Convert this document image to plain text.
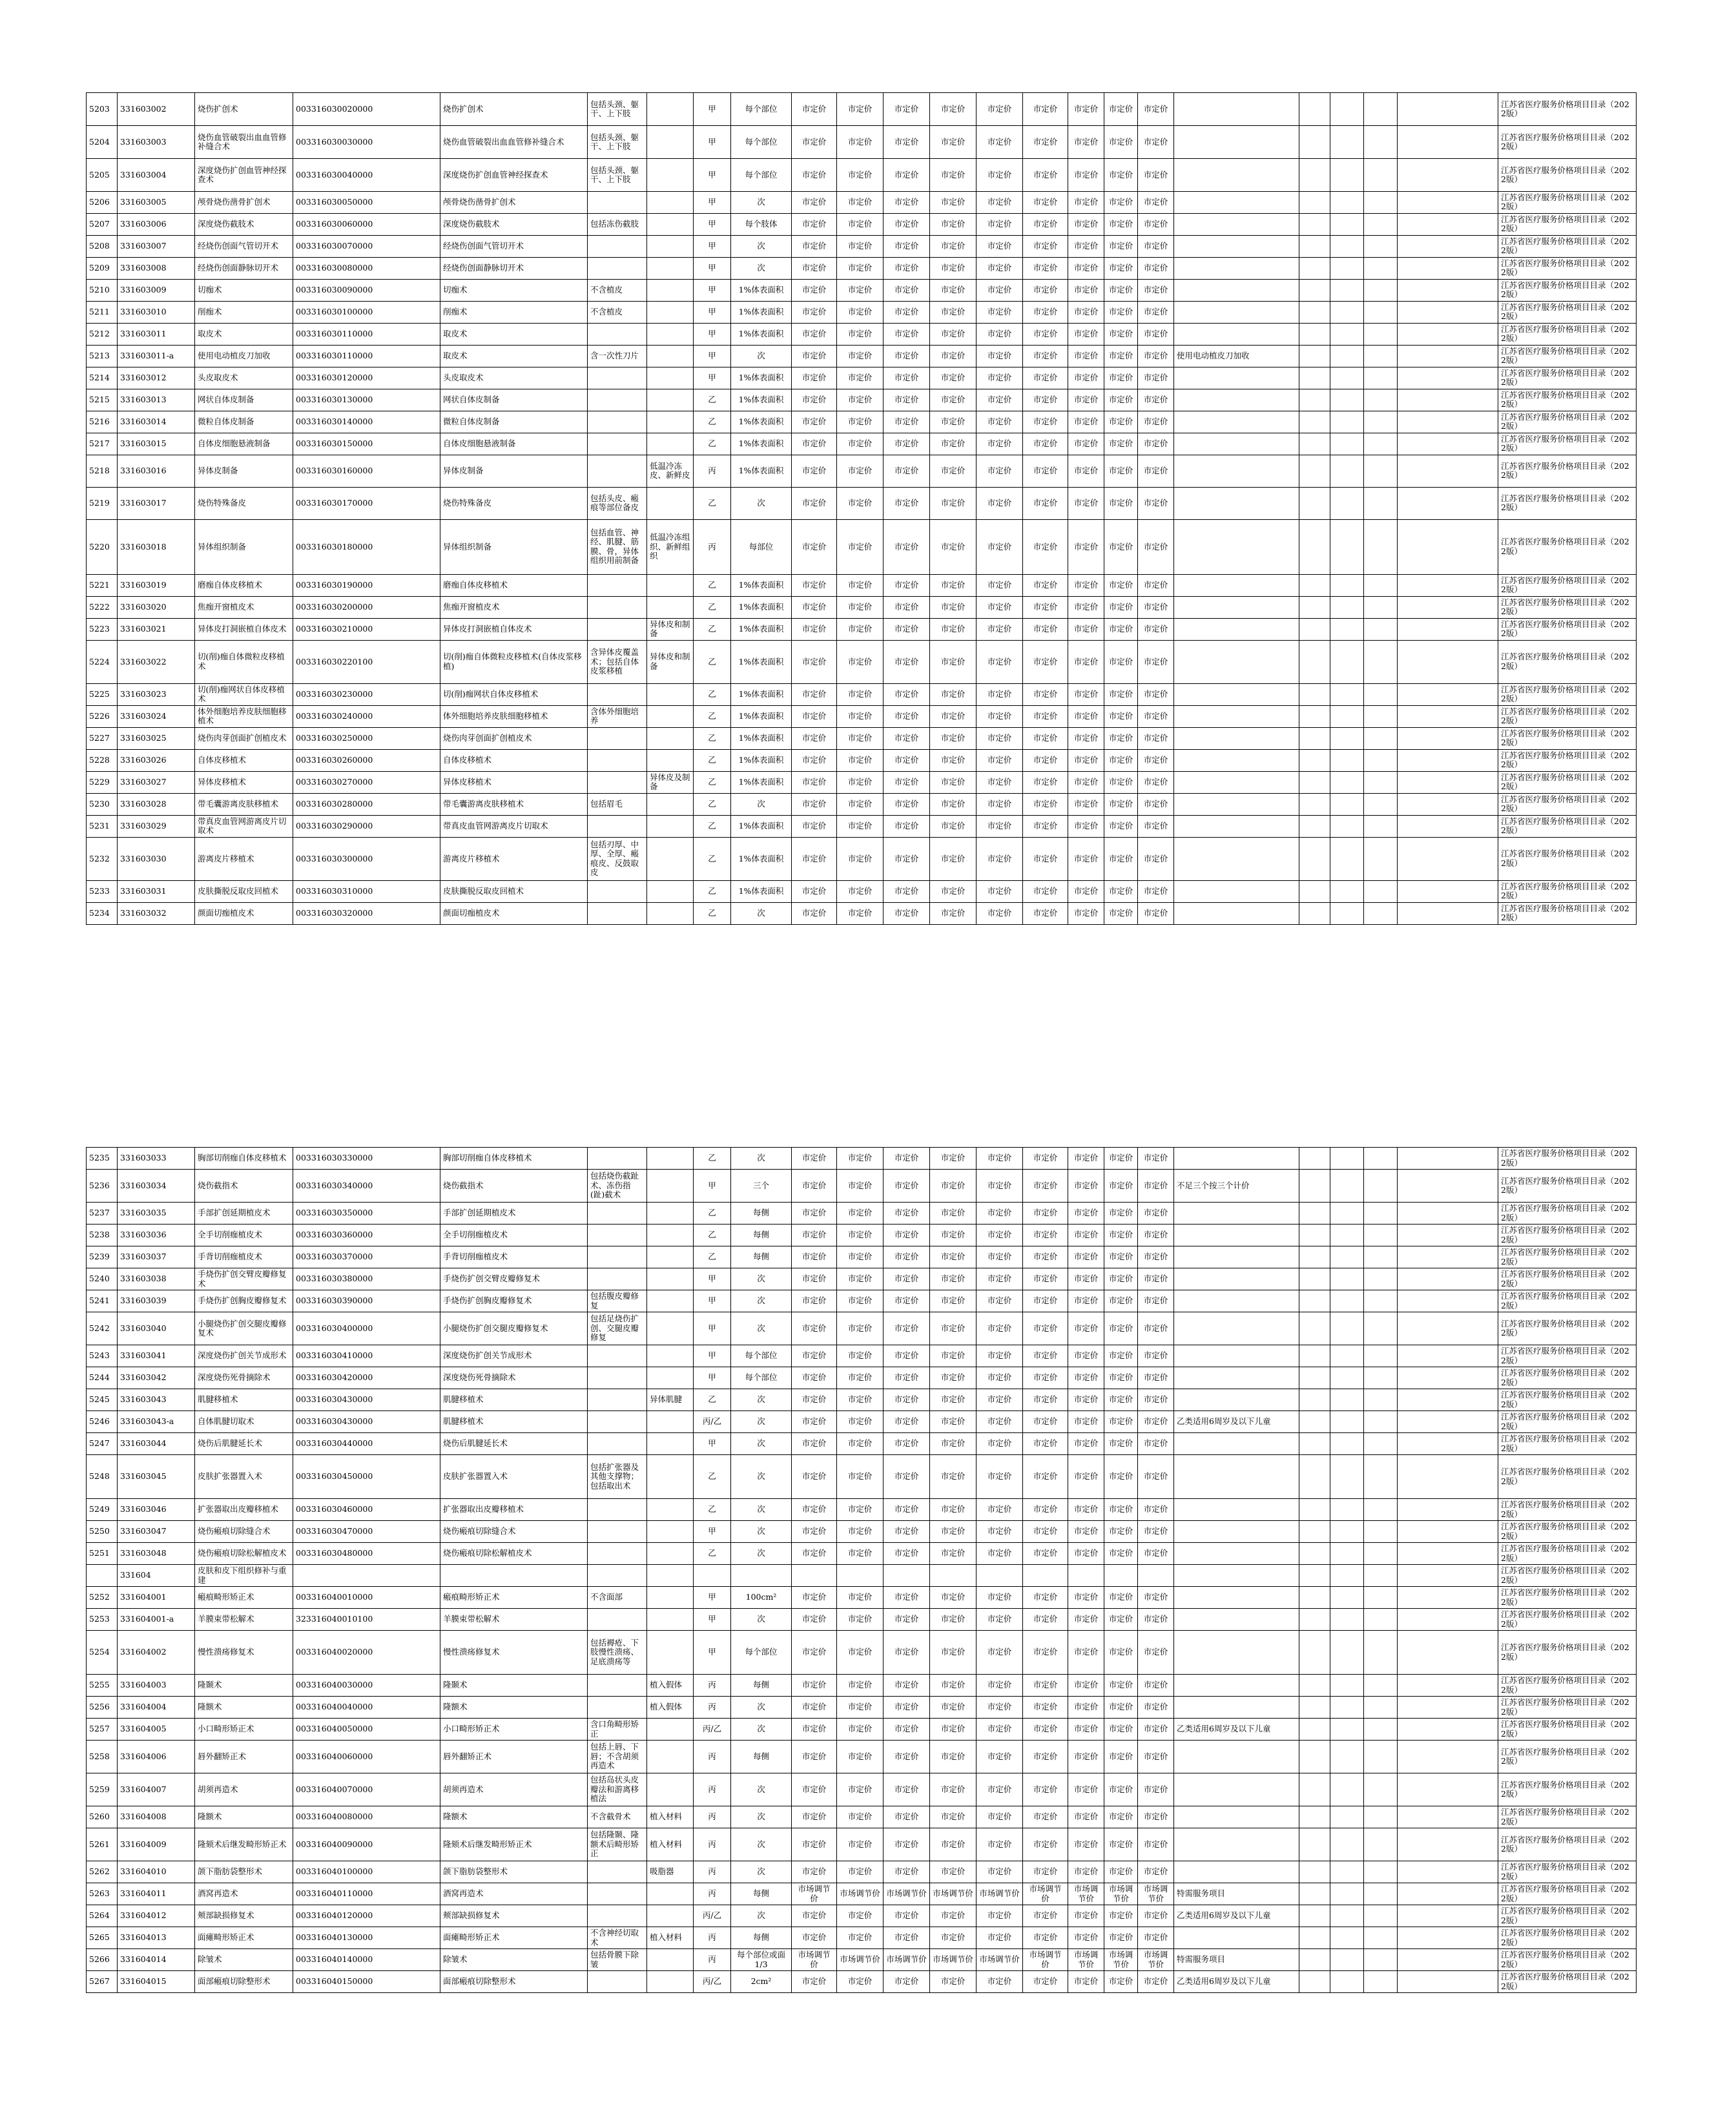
5203	331603002	烧伤扩创术	003316030020000	烧伤扩创术	包括头颈、躯干、上下肢		甲	每个部位	市定价	市定价	市定价	市定价	市定价	市定价	市定价	市定价	市定价						江苏省医疗服务价格项目目录（2022版）
5204	331603003	烧伤血管破裂出血血管修补缝合术	003316030030000	烧伤血管破裂出血血管修补缝合术	包括头颈、躯干、上下肢		甲	每个部位	市定价	市定价	市定价	市定价	市定价	市定价	市定价	市定价	市定价						江苏省医疗服务价格项目目录（2022版）
5205	331603004	深度烧伤扩创血管神经探查术	003316030040000	深度烧伤扩创血管神经探查术	包括头颈、躯干、上下肢		甲	每个部位	市定价	市定价	市定价	市定价	市定价	市定价	市定价	市定价	市定价						江苏省医疗服务价格项目目录（2022版）
5206	331603005	颅骨烧伤凿骨扩创术	003316030050000	颅骨烧伤凿骨扩创术			甲	次	市定价	市定价	市定价	市定价	市定价	市定价	市定价	市定价	市定价						江苏省医疗服务价格项目目录（2022版）
5207	331603006	深度烧伤截肢术	003316030060000	深度烧伤截肢术	包括冻伤截肢		甲	每个肢体	市定价	市定价	市定价	市定价	市定价	市定价	市定价	市定价	市定价						江苏省医疗服务价格项目目录（2022版）
5208	331603007	经烧伤创面气管切开术	003316030070000	经烧伤创面气管切开术			甲	次	市定价	市定价	市定价	市定价	市定价	市定价	市定价	市定价	市定价						江苏省医疗服务价格项目目录（2022版）
5209	331603008	经烧伤创面静脉切开术	003316030080000	经烧伤创面静脉切开术			甲	次	市定价	市定价	市定价	市定价	市定价	市定价	市定价	市定价	市定价						江苏省医疗服务价格项目目录（2022版）
5210	331603009	切痂术	003316030090000	切痂术	不含植皮		甲	1%体表面积	市定价	市定价	市定价	市定价	市定价	市定价	市定价	市定价	市定价						江苏省医疗服务价格项目目录（2022版）
5211	331603010	削痂术	003316030100000	削痂术	不含植皮		甲	1%体表面积	市定价	市定价	市定价	市定价	市定价	市定价	市定价	市定价	市定价						江苏省医疗服务价格项目目录（2022版）
5212	331603011	取皮术	003316030110000	取皮术			甲	1%体表面积	市定价	市定价	市定价	市定价	市定价	市定价	市定价	市定价	市定价						江苏省医疗服务价格项目目录（2022版）
5213	331603011-a	使用电动植皮刀加收	003316030110000	取皮术	含一次性刀片		甲	次	市定价	市定价	市定价	市定价	市定价	市定价	市定价	市定价	市定价	使用电动植皮刀加收					江苏省医疗服务价格项目目录（2022版）
5214	331603012	头皮取皮术	003316030120000	头皮取皮术			甲	1%体表面积	市定价	市定价	市定价	市定价	市定价	市定价	市定价	市定价	市定价						江苏省医疗服务价格项目目录（2022版）
5215	331603013	网状自体皮制备	003316030130000	网状自体皮制备			乙	1%体表面积	市定价	市定价	市定价	市定价	市定价	市定价	市定价	市定价	市定价						江苏省医疗服务价格项目目录（2022版）
5216	331603014	微粒自体皮制备	003316030140000	微粒自体皮制备			乙	1%体表面积	市定价	市定价	市定价	市定价	市定价	市定价	市定价	市定价	市定价						江苏省医疗服务价格项目目录（2022版）
5217	331603015	自体皮细胞悬液制备	003316030150000	自体皮细胞悬液制备			乙	1%体表面积	市定价	市定价	市定价	市定价	市定价	市定价	市定价	市定价	市定价						江苏省医疗服务价格项目目录（2022版）
5218	331603016	异体皮制备	003316030160000	异体皮制备		低温冷冻皮、新鲜皮	丙	1%体表面积	市定价	市定价	市定价	市定价	市定价	市定价	市定价	市定价	市定价						江苏省医疗服务价格项目目录（2022版）
5219	331603017	烧伤特殊备皮	003316030170000	烧伤特殊备皮	包括头皮、瘢痕等部位备皮		乙	次	市定价	市定价	市定价	市定价	市定价	市定价	市定价	市定价	市定价						江苏省医疗服务价格项目目录（2022版）
5220	331603018	异体组织制备	003316030180000	异体组织制备	包括血管、神经、肌腱、筋膜、骨，异体组织用前制备	低温冷冻组织、新鲜组织	丙	每部位	市定价	市定价	市定价	市定价	市定价	市定价	市定价	市定价	市定价						江苏省医疗服务价格项目目录（2022版）
5221	331603019	磨痂自体皮移植术	003316030190000	磨痂自体皮移植术			乙	1%体表面积	市定价	市定价	市定价	市定价	市定价	市定价	市定价	市定价	市定价						江苏省医疗服务价格项目目录（2022版）
5222	331603020	焦痂开窗植皮术	003316030200000	焦痂开窗植皮术			乙	1%体表面积	市定价	市定价	市定价	市定价	市定价	市定价	市定价	市定价	市定价						江苏省医疗服务价格项目目录（2022版）
5223	331603021	异体皮打洞嵌植自体皮术	003316030210000	异体皮打洞嵌植自体皮术		异体皮和制备	乙	1%体表面积	市定价	市定价	市定价	市定价	市定价	市定价	市定价	市定价	市定价						江苏省医疗服务价格项目目录（2022版）
5224	331603022	切(削)痂自体微粒皮移植术	003316030220100	切(削)痂自体微粒皮移植术(自体皮浆移植)	含异体皮覆盖术；包括自体皮浆移植	异体皮和制备	乙	1%体表面积	市定价	市定价	市定价	市定价	市定价	市定价	市定价	市定价	市定价						江苏省医疗服务价格项目目录（2022版）
5225	331603023	切(削)痂网状自体皮移植术	003316030230000	切(削)痂网状自体皮移植术			乙	1%体表面积	市定价	市定价	市定价	市定价	市定价	市定价	市定价	市定价	市定价						江苏省医疗服务价格项目目录（2022版）
5226	331603024	体外细胞培养皮肤细胞移植术	003316030240000	体外细胞培养皮肤细胞移植术	含体外细胞培养		乙	1%体表面积	市定价	市定价	市定价	市定价	市定价	市定价	市定价	市定价	市定价						江苏省医疗服务价格项目目录（2022版）
5227	331603025	烧伤肉芽创面扩创植皮术	003316030250000	烧伤肉芽创面扩创植皮术			乙	1%体表面积	市定价	市定价	市定价	市定价	市定价	市定价	市定价	市定价	市定价						江苏省医疗服务价格项目目录（2022版）
5228	331603026	自体皮移植术	003316030260000	自体皮移植术			乙	1%体表面积	市定价	市定价	市定价	市定价	市定价	市定价	市定价	市定价	市定价						江苏省医疗服务价格项目目录（2022版）
5229	331603027	异体皮移植术	003316030270000	异体皮移植术		异体皮及制备	乙	1%体表面积	市定价	市定价	市定价	市定价	市定价	市定价	市定价	市定价	市定价						江苏省医疗服务价格项目目录（2022版）
5230	331603028	带毛囊游离皮肤移植术	003316030280000	带毛囊游离皮肤移植术	包括眉毛		乙	次	市定价	市定价	市定价	市定价	市定价	市定价	市定价	市定价	市定价						江苏省医疗服务价格项目目录（2022版）
5231	331603029	带真皮血管网游离皮片切取术	003316030290000	带真皮血管网游离皮片切取术			乙	1%体表面积	市定价	市定价	市定价	市定价	市定价	市定价	市定价	市定价	市定价						江苏省医疗服务价格项目目录（2022版）
5232	331603030	游离皮片移植术	003316030300000	游离皮片移植术	包括刃厚、中厚、全厚、瘢痕皮、反鼓取皮		乙	1%体表面积	市定价	市定价	市定价	市定价	市定价	市定价	市定价	市定价	市定价						江苏省医疗服务价格项目目录（2022版）
5233	331603031	皮肤撕脱反取皮回植术	003316030310000	皮肤撕脱反取皮回植术			乙	1%体表面积	市定价	市定价	市定价	市定价	市定价	市定价	市定价	市定价	市定价						江苏省医疗服务价格项目目录（2022版）
5234	331603032	颜面切痂植皮术	003316030320000	颜面切痂植皮术			乙	次	市定价	市定价	市定价	市定价	市定价	市定价	市定价	市定价	市定价						江苏省医疗服务价格项目目录（2022版）
5235	331603033	胸部切削痂自体皮移植术	003316030330000	胸部切削痂自体皮移植术			乙	次	市定价	市定价	市定价	市定价	市定价	市定价	市定价	市定价	市定价						江苏省医疗服务价格项目目录（2022版）
5236	331603034	烧伤截指术	003316030340000	烧伤截指术	包括烧伤截趾术、冻伤指(趾)截术		甲	三个	市定价	市定价	市定价	市定价	市定价	市定价	市定价	市定价	市定价	不足三个按三个计价					江苏省医疗服务价格项目目录（2022版）
5237	331603035	手部扩创延期植皮术	003316030350000	手部扩创延期植皮术			乙	每侧	市定价	市定价	市定价	市定价	市定价	市定价	市定价	市定价	市定价						江苏省医疗服务价格项目目录（2022版）
5238	331603036	全手切削痂植皮术	003316030360000	全手切削痂植皮术			乙	每侧	市定价	市定价	市定价	市定价	市定价	市定价	市定价	市定价	市定价						江苏省医疗服务价格项目目录（2022版）
5239	331603037	手背切削痂植皮术	003316030370000	手背切削痂植皮术			乙	每侧	市定价	市定价	市定价	市定价	市定价	市定价	市定价	市定价	市定价						江苏省医疗服务价格项目目录（2022版）
5240	331603038	手烧伤扩创交臂皮瓣修复术	003316030380000	手烧伤扩创交臂皮瓣修复术			甲	次	市定价	市定价	市定价	市定价	市定价	市定价	市定价	市定价	市定价						江苏省医疗服务价格项目目录（2022版）
5241	331603039	手烧伤扩创胸皮瓣修复术	003316030390000	手烧伤扩创胸皮瓣修复术	包括腹皮瓣修复		甲	次	市定价	市定价	市定价	市定价	市定价	市定价	市定价	市定价	市定价						江苏省医疗服务价格项目目录（2022版）
5242	331603040	小腿烧伤扩创交腿皮瓣修复术	003316030400000	小腿烧伤扩创交腿皮瓣修复术	包括足烧伤扩创、交腿皮瓣修复		甲	次	市定价	市定价	市定价	市定价	市定价	市定价	市定价	市定价	市定价						江苏省医疗服务价格项目目录（2022版）
5243	331603041	深度烧伤扩创关节成形术	003316030410000	深度烧伤扩创关节成形术			甲	每个部位	市定价	市定价	市定价	市定价	市定价	市定价	市定价	市定价	市定价						江苏省医疗服务价格项目目录（2022版）
5244	331603042	深度烧伤死骨摘除术	003316030420000	深度烧伤死骨摘除术			甲	每个部位	市定价	市定价	市定价	市定价	市定价	市定价	市定价	市定价	市定价						江苏省医疗服务价格项目目录（2022版）
5245	331603043	肌腱移植术	003316030430000	肌腱移植术		异体肌腱	乙	次	市定价	市定价	市定价	市定价	市定价	市定价	市定价	市定价	市定价						江苏省医疗服务价格项目目录（2022版）
5246	331603043-a	自体肌腱切取术	003316030430000	肌腱移植术			丙/乙	次	市定价	市定价	市定价	市定价	市定价	市定价	市定价	市定价	市定价	乙类适用6周岁及以下儿童					江苏省医疗服务价格项目目录（2022版）
5247	331603044	烧伤后肌腱延长术	003316030440000	烧伤后肌腱延长术			甲	次	市定价	市定价	市定价	市定价	市定价	市定价	市定价	市定价	市定价						江苏省医疗服务价格项目目录（2022版）
5248	331603045	皮肤扩张器置入术	003316030450000	皮肤扩张器置入术	包括扩张器及其他支撑物；包括取出术		乙	次	市定价	市定价	市定价	市定价	市定价	市定价	市定价	市定价	市定价						江苏省医疗服务价格项目目录（2022版）
5249	331603046	扩张器取出皮瓣移植术	003316030460000	扩张器取出皮瓣移植术			乙	次	市定价	市定价	市定价	市定价	市定价	市定价	市定价	市定价	市定价						江苏省医疗服务价格项目目录（2022版）
5250	331603047	烧伤瘢痕切除缝合术	003316030470000	烧伤瘢痕切除缝合术			甲	次	市定价	市定价	市定价	市定价	市定价	市定价	市定价	市定价	市定价						江苏省医疗服务价格项目目录（2022版）
5251	331603048	烧伤瘢痕切除松解植皮术	003316030480000	烧伤瘢痕切除松解植皮术			乙	次	市定价	市定价	市定价	市定价	市定价	市定价	市定价	市定价	市定价						江苏省医疗服务价格项目目录（2022版）
	331604	皮肤和皮下组织修补与重建																					江苏省医疗服务价格项目目录（2022版）
5252	331604001	瘢痕畸形矫正术	003316040010000	瘢痕畸形矫正术	不含面部		甲	100cm²	市定价	市定价	市定价	市定价	市定价	市定价	市定价	市定价	市定价						江苏省医疗服务价格项目目录（2022版）
5253	331604001-a	羊膜束带松解术	323316040010100	羊膜束带松解术			甲	次	市定价	市定价	市定价	市定价	市定价	市定价	市定价	市定价	市定价						江苏省医疗服务价格项目目录（2022版）
5254	331604002	慢性溃疡修复术	003316040020000	慢性溃疡修复术	包括褥疮、下肢慢性溃疡、足底溃疡等		甲	每个部位	市定价	市定价	市定价	市定价	市定价	市定价	市定价	市定价	市定价						江苏省医疗服务价格项目目录（2022版）
5255	331604003	隆颞术	003316040030000	隆颞术		植入假体	丙	每侧	市定价	市定价	市定价	市定价	市定价	市定价	市定价	市定价	市定价						江苏省医疗服务价格项目目录（2022版）
5256	331604004	隆额术	003316040040000	隆额术		植入假体	丙	次	市定价	市定价	市定价	市定价	市定价	市定价	市定价	市定价	市定价						江苏省医疗服务价格项目目录（2022版）
5257	331604005	小口畸形矫正术	003316040050000	小口畸形矫正术	含口角畸形矫正		丙/乙	次	市定价	市定价	市定价	市定价	市定价	市定价	市定价	市定价	市定价	乙类适用6周岁及以下儿童					江苏省医疗服务价格项目目录（2022版）
5258	331604006	唇外翻矫正术	003316040060000	唇外翻矫正术	包括上唇、下唇；不含胡须再造术		丙	每侧	市定价	市定价	市定价	市定价	市定价	市定价	市定价	市定价	市定价						江苏省医疗服务价格项目目录（2022版）
5259	331604007	胡须再造术	003316040070000	胡须再造术	包括岛状头皮瓣法和游离移植法		丙	次	市定价	市定价	市定价	市定价	市定价	市定价	市定价	市定价	市定价						江苏省医疗服务价格项目目录（2022版）
5260	331604008	隆额术	003316040080000	隆额术	不含截骨术	植入材料	丙	次	市定价	市定价	市定价	市定价	市定价	市定价	市定价	市定价	市定价						江苏省医疗服务价格项目目录（2022版）
5261	331604009	隆颏术后继发畸形矫正术	003316040090000	隆颏术后继发畸形矫正术	包括隆颞、隆额术后畸形矫正	植入材料	丙	次	市定价	市定价	市定价	市定价	市定价	市定价	市定价	市定价	市定价						江苏省医疗服务价格项目目录（2022版）
5262	331604010	颌下脂肪袋整形术	003316040100000	颌下脂肪袋整形术		吸脂器	丙	次	市定价	市定价	市定价	市定价	市定价	市定价	市定价	市定价	市定价						江苏省医疗服务价格项目目录（2022版）
5263	331604011	酒窝再造术	003316040110000	酒窝再造术			丙	每侧	市场调节价	市场调节价	市场调节价	市场调节价	市场调节价	市场调节价	市场调节价	市场调节价	市场调节价	特需服务项目					江苏省医疗服务价格项目目录（2022版）
5264	331604012	颊部缺损修复术	003316040120000	颊部缺损修复术			丙/乙	次	市定价	市定价	市定价	市定价	市定价	市定价	市定价	市定价	市定价	乙类适用6周岁及以下儿童					江苏省医疗服务价格项目目录（2022版）
5265	331604013	面瘫畸形矫正术	003316040130000	面瘫畸形矫正术	不含神经切取术	植入材料	丙	每侧	市定价	市定价	市定价	市定价	市定价	市定价	市定价	市定价	市定价						江苏省医疗服务价格项目目录（2022版）
5266	331604014	除皱术	003316040140000	除皱术	包括骨膜下除皱		丙	每个部位或面1/3	市场调节价	市场调节价	市场调节价	市场调节价	市场调节价	市场调节价	市场调节价	市场调节价	市场调节价	特需服务项目					江苏省医疗服务价格项目目录（2022版）
5267	331604015	面部瘢痕切除整形术	003316040150000	面部瘢痕切除整形术			丙/乙	2cm²	市定价	市定价	市定价	市定价	市定价	市定价	市定价	市定价	市定价	乙类适用6周岁及以下儿童					江苏省医疗服务价格项目目录（2022版）
